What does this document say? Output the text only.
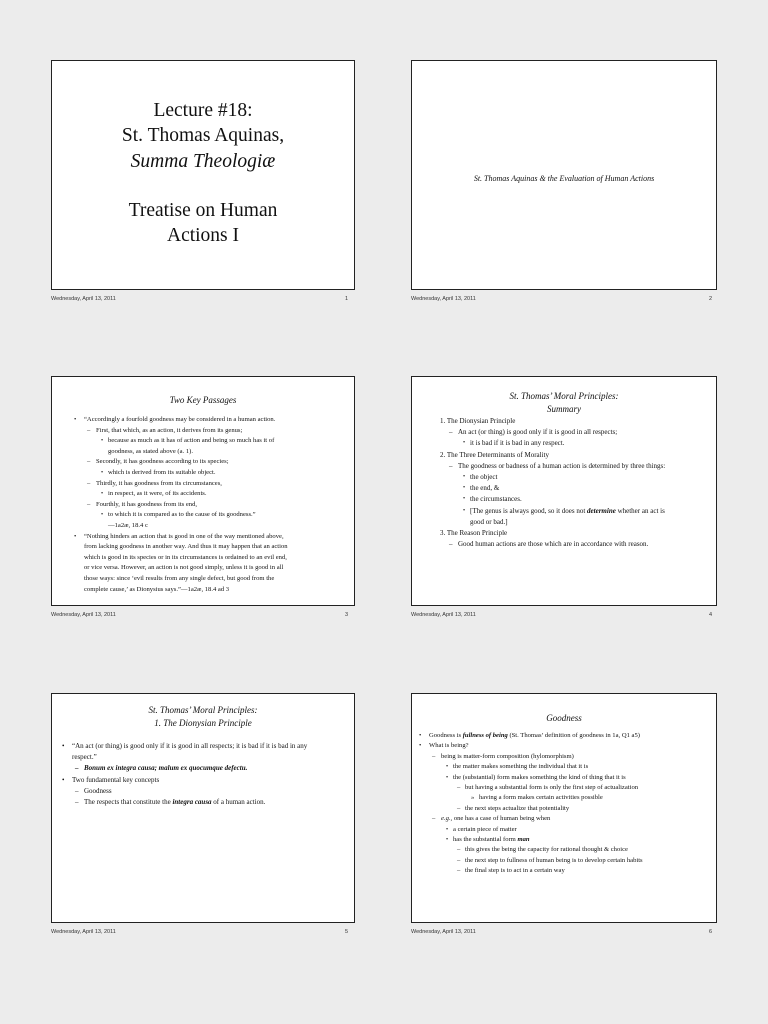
Lecture #18:
St. Thomas Aquinas,
Summa Theologiæ
Treatise on Human
Actions I
Wednesday, April 13, 2011	1
St. Thomas Aquinas & the Evaluation of Human Actions
Wednesday, April 13, 2011	2
Two Key Passages

• “Accordingly a fourfold goodness may be considered in a human action.

– First, that which, as an action, it derives from its genus;

• because as much as it has of action and being so much has it of

goodness, as stated above (a. 1).

– Secondly, it has goodness according to its species;

• which is derived from its suitable object.

– Thirdly, it has goodness from its circumstances,

• in respect, as it were, of its accidents.

– Fourthly, it has goodness from its end,

• to which it is compared as to the cause of its goodness.”

—1a2æ, 18.4 c

• “Nothing hinders an action that is good in one of the way mentioned above,

from lacking goodness in another way. And thus it may happen that an action

which is good in its species or in its circumstances is ordained to an evil end,

or vice versa. However, an action is not good simply, unless it is good in all

those ways: since ‘evil results from any single defect, but good from the

complete cause,’ as Dionysius says.”—1a2æ, 18.4 ad 3

Wednesday, April 13, 2011	3
St. Thomas’ Moral Principles:
Summary

1. The Dionysian Principle

– An act (or thing) is good only if it is good in all respects;

• it is bad if it is bad in any respect.

2. The Three Determinants of Morality

– The goodness or badness of a human action is determined by three things:

• the object

• the end, &

• the circumstances.

• [The genus is always good, so it does not determine whether an act is

good or bad.]

3. The Reason Principle

– Good human actions are those which are in accordance with reason.

Wednesday, April 13, 2011	4
St. Thomas’ Moral Principles:
1. The Dionysian Principle

• “An act (or thing) is good only if it is good in all respects; it is bad if it is bad in any

respect.”

– Bonum ex integra causa; malum ex quocumque defectu.

• Two fundamental key concepts

– Goodness

– The respects that constitute the integra causa of a human action.

Wednesday, April 13, 2011	5
Goodness

• Goodness is fullness of being (St. Thomas’ definition of goodness in 1a, Q1 a5)

• What is being?

– being is matter-form composition (hylomorphism)

• the matter makes something the individual that it is

• the (substantial) form makes something the kind of thing that it is

– but having a substantial form is only the first step of actualization

» having a form makes certain activities possible

– the next steps actualize that potentiality

– e.g., one has a case of human being when

• a certain piece of matter

• has the substantial form man

– this gives the being the capacity for rational thought & choice

– the next step to fullness of human being is to develop certain habits

– the final step is to act in a certain way

Wednesday, April 13, 2011	6
